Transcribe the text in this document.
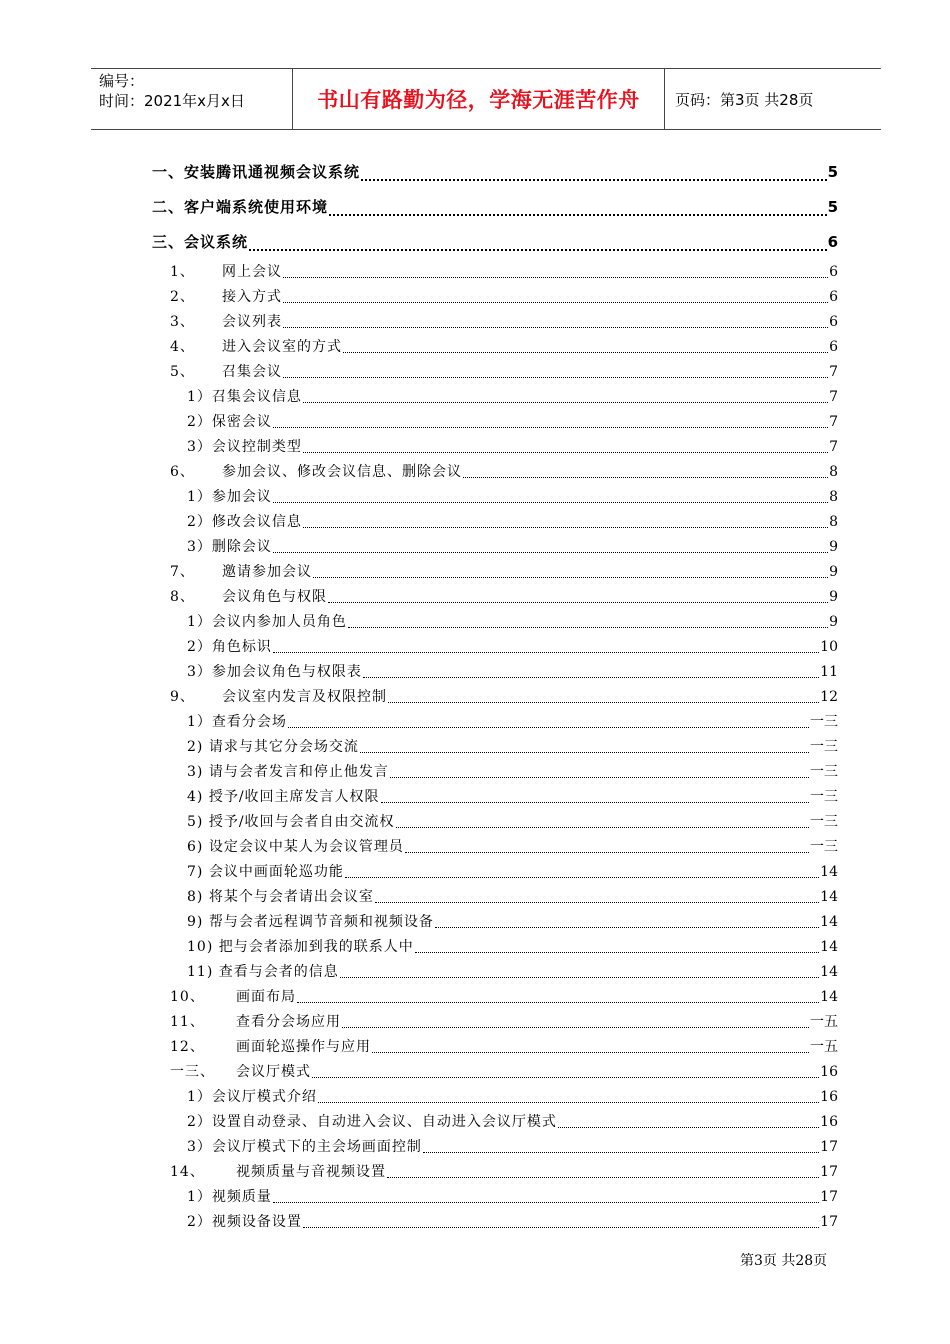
编号：
时间：2021年x月x日	书山有路勤为径，学海无涯苦作舟	页码：第3页 共28页
一、安装腾讯通视频会议系统	5
二、客户端系统使用环境	5
三、会议系统	6
1、 网上会议	6
2、 接入方式	6
3、 会议列表	6
4、 进入会议室的方式	6
5、 召集会议	7
1）召集会议信息	7
2）保密会议	7
3）会议控制类型	7
6、 参加会议、修改会议信息、删除会议	8
1）参加会议	8
2）修改会议信息	8
3）删除会议	9
7、 邀请参加会议	9
8、 会议角色与权限	9
1）会议内参加人员角色	9
2）角色标识	10
3）参加会议角色与权限表	11
9、 会议室内发言及权限控制	12
1）查看分会场	一三
2) 请求与其它分会场交流	一三
3) 请与会者发言和停止他发言	一三
4) 授予/收回主席发言人权限	一三
5) 授予/收回与会者自由交流权	一三
6) 设定会议中某人为会议管理员	一三
7) 会议中画面轮巡功能	14
8) 将某个与会者请出会议室	14
9) 帮与会者远程调节音频和视频设备	14
10) 把与会者添加到我的联系人中	14
11) 查看与会者的信息	14
10、 画面布局	14
11、 查看分会场应用	一五
12、 画面轮巡操作与应用	一五
一三、 会议厅模式	16
1）会议厅模式介绍	16
2）设置自动登录、自动进入会议、自动进入会议厅模式	16
3）会议厅模式下的主会场画面控制	17
14、 视频质量与音视频设置	17
1）视频质量	17
2）视频设备设置	17
第3页 共28页
